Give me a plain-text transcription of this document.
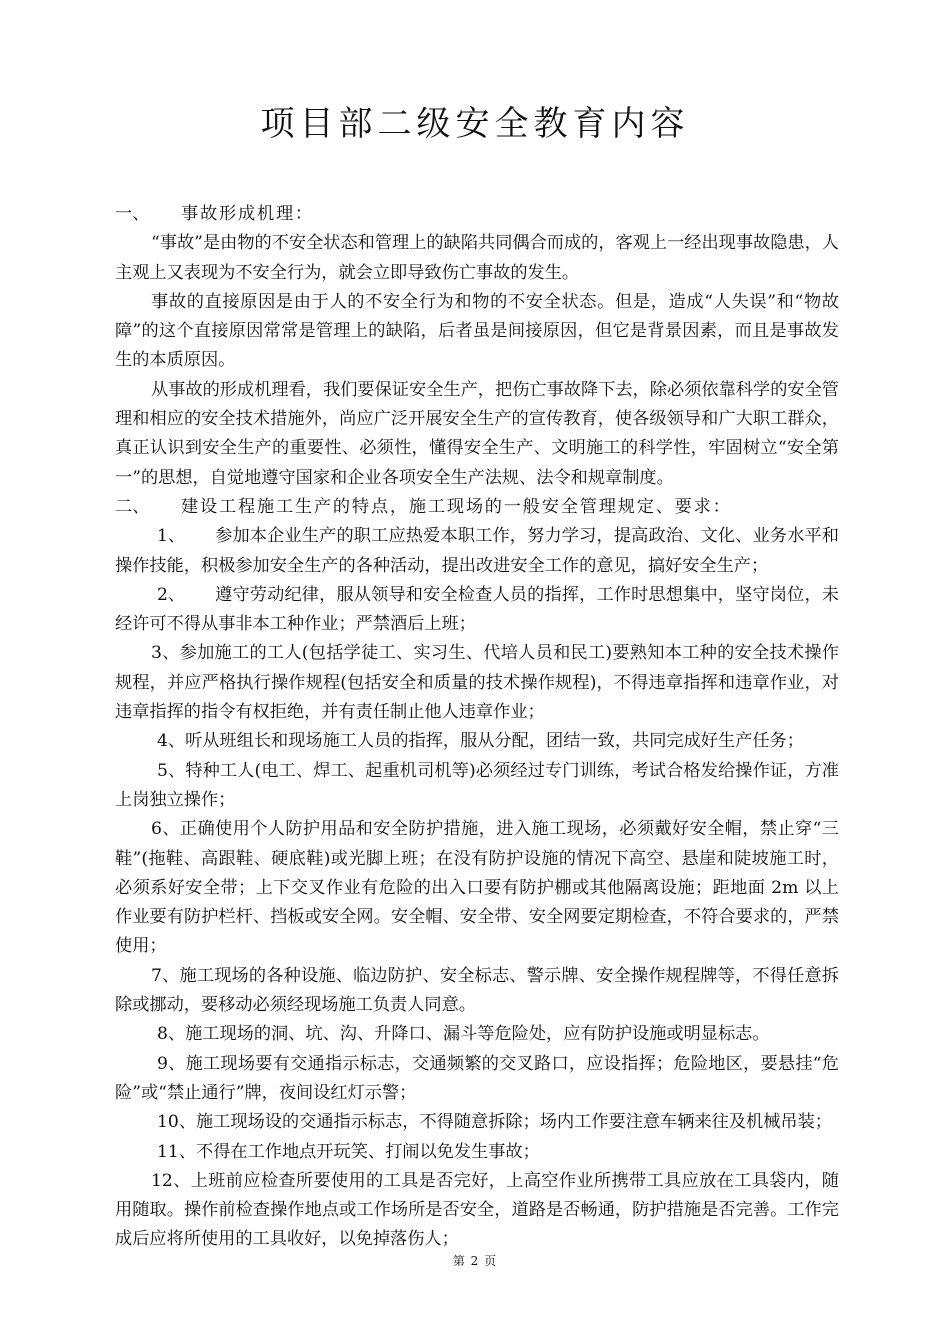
项目部二级安全教育内容

一、 事故形成机理：

“事故”是由物的不安全状态和管理上的缺陷共同偶合而成的，客观上一经出现事故隐患，人主观上又表现为不安全行为，就会立即导致伤亡事故的发生。

事故的直接原因是由于人的不安全行为和物的不安全状态。但是，造成“人失误”和“物故障”的这个直接原因常常是管理上的缺陷，后者虽是间接原因，但它是背景因素，而且是事故发生的本质原因。

从事故的形成机理看，我们要保证安全生产，把伤亡事故降下去，除必须依靠科学的安全管理和相应的安全技术措施外，尚应广泛开展安全生产的宣传教育，使各级领导和广大职工群众，真正认识到安全生产的重要性、必须性，懂得安全生产、文明施工的科学性，牢固树立“安全第一”的思想，自觉地遵守国家和企业各项安全生产法规、法令和规章制度。

二、 建设工程施工生产的特点，施工现场的一般安全管理规定、要求：

1、 参加本企业生产的职工应热爱本职工作，努力学习，提高政治、文化、业务水平和操作技能，积极参加安全生产的各种活动，提出改进安全工作的意见，搞好安全生产；

2、 遵守劳动纪律，服从领导和安全检查人员的指挥，工作时思想集中，坚守岗位，未经许可不得从事非本工种作业；严禁酒后上班；

3、参加施工的工人(包括学徒工、实习生、代培人员和民工)要熟知本工种的安全技术操作规程，并应严格执行操作规程(包括安全和质量的技术操作规程)，不得违章指挥和违章作业，对违章指挥的指令有权拒绝，并有责任制止他人违章作业；

4、听从班组长和现场施工人员的指挥，服从分配，团结一致，共同完成好生产任务；

5、特种工人(电工、焊工、起重机司机等)必须经过专门训练，考试合格发给操作证，方准上岗独立操作；

6、正确使用个人防护用品和安全防护措施，进入施工现场，必须戴好安全帽，禁止穿“三鞋”(拖鞋、高跟鞋、硬底鞋)或光脚上班；在没有防护设施的情况下高空、悬崖和陡坡施工时，必须系好安全带；上下交叉作业有危险的出入口要有防护棚或其他隔离设施；距地面 2m 以上作业要有防护栏杆、挡板或安全网。安全帽、安全带、安全网要定期检查，不符合要求的，严禁使用；

7、施工现场的各种设施、临边防护、安全标志、警示牌、安全操作规程牌等，不得任意拆除或挪动，要移动必须经现场施工负责人同意。

8、施工现场的洞、坑、沟、升降口、漏斗等危险处，应有防护设施或明显标志。

9、施工现场要有交通指示标志，交通频繁的交叉路口，应设指挥；危险地区，要悬挂“危险”或“禁止通行”牌，夜间设红灯示警；

10、施工现场设的交通指示标志，不得随意拆除；场内工作要注意车辆来往及机械吊装；

11、不得在工作地点开玩笑、打闹以免发生事故；

12、上班前应检查所要使用的工具是否完好，上高空作业所携带工具应放在工具袋内，随用随取。操作前检查操作地点或工作场所是否安全，道路是否畅通，防护措施是否完善。工作完成后应将所使用的工具收好，以免掉落伤人；

第 2 页
